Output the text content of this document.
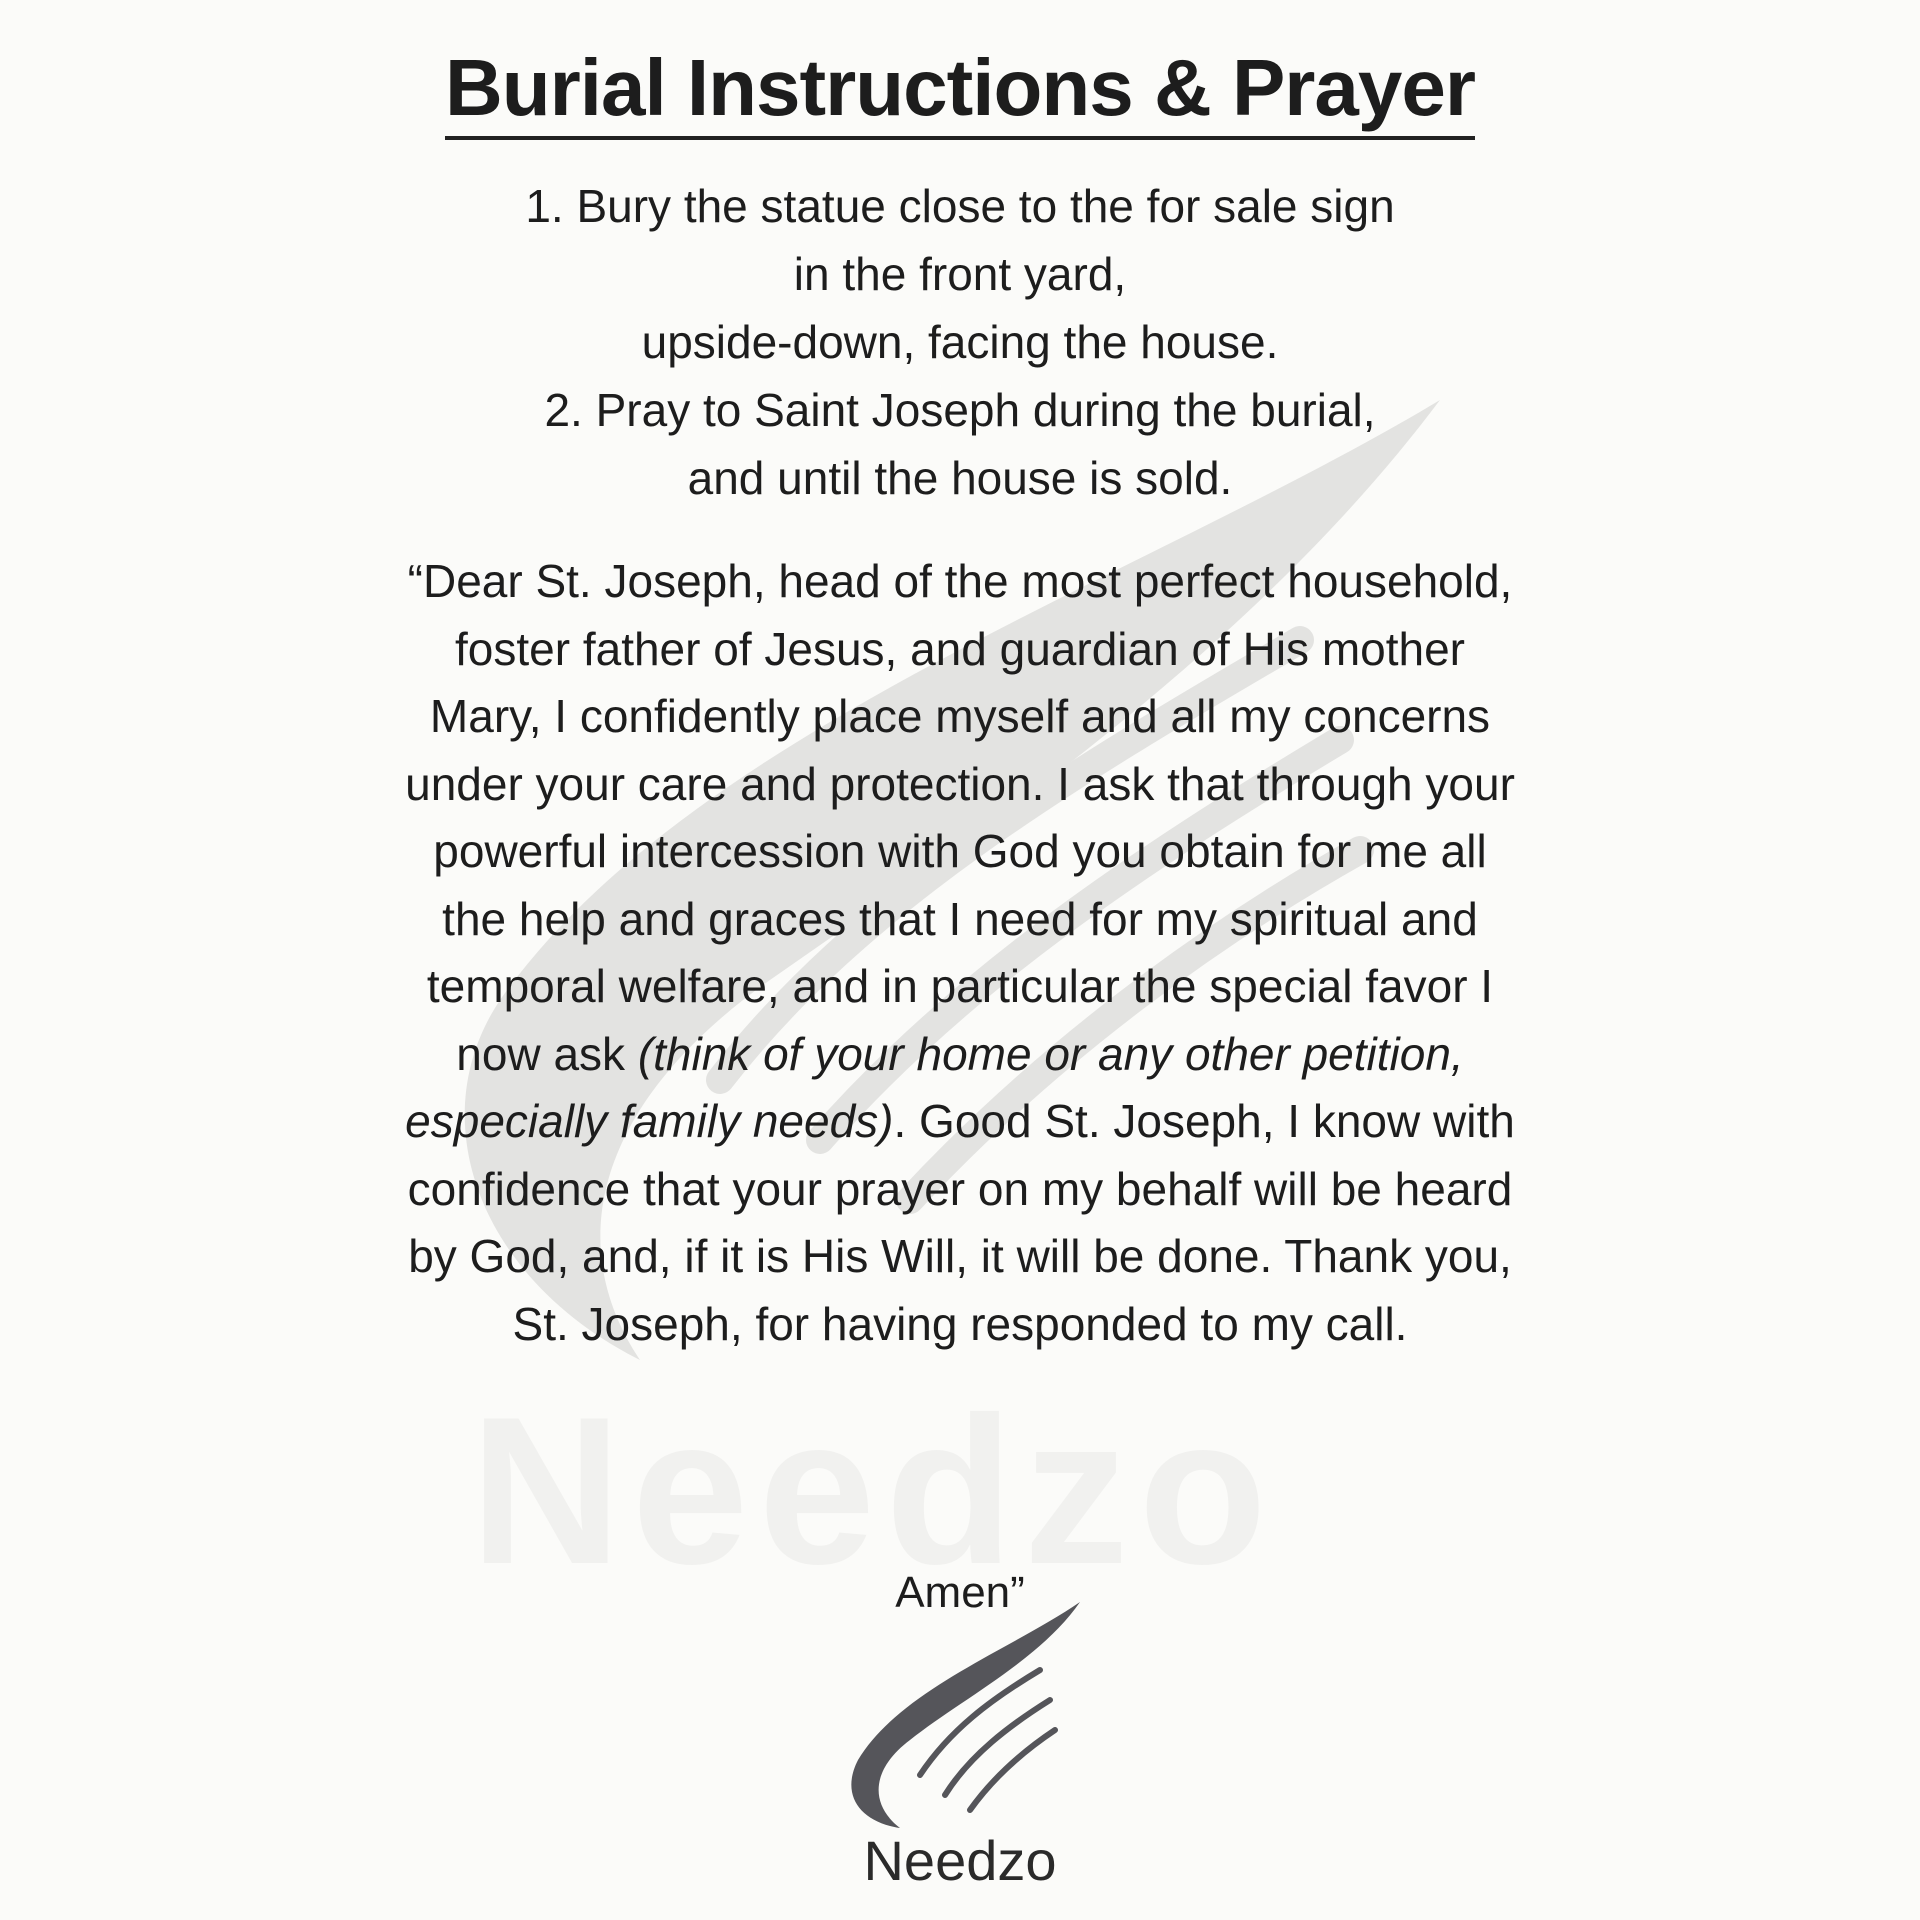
Burial Instructions & Prayer
1. Bury the statue close to the for sale sign
in the front yard,
upside-down, facing the house.
2. Pray to Saint Joseph during the burial,
and until the house is sold.

“Dear St. Joseph, head of the most perfect household, foster father of Jesus, and guardian of His mother Mary, I confidently place myself and all my concerns under your care and protection. I ask that through your powerful intercession with God you obtain for me all the help and graces that I need for my spiritual and temporal welfare, and in particular the special favor I now ask (think of your home or any other petition, especially family needs). Good St. Joseph, I know with confidence that your prayer on my behalf will be heard by God, and, if it is His Will, it will be done. Thank you, St. Joseph, for having responded to my call.

Amen”
Needzo
